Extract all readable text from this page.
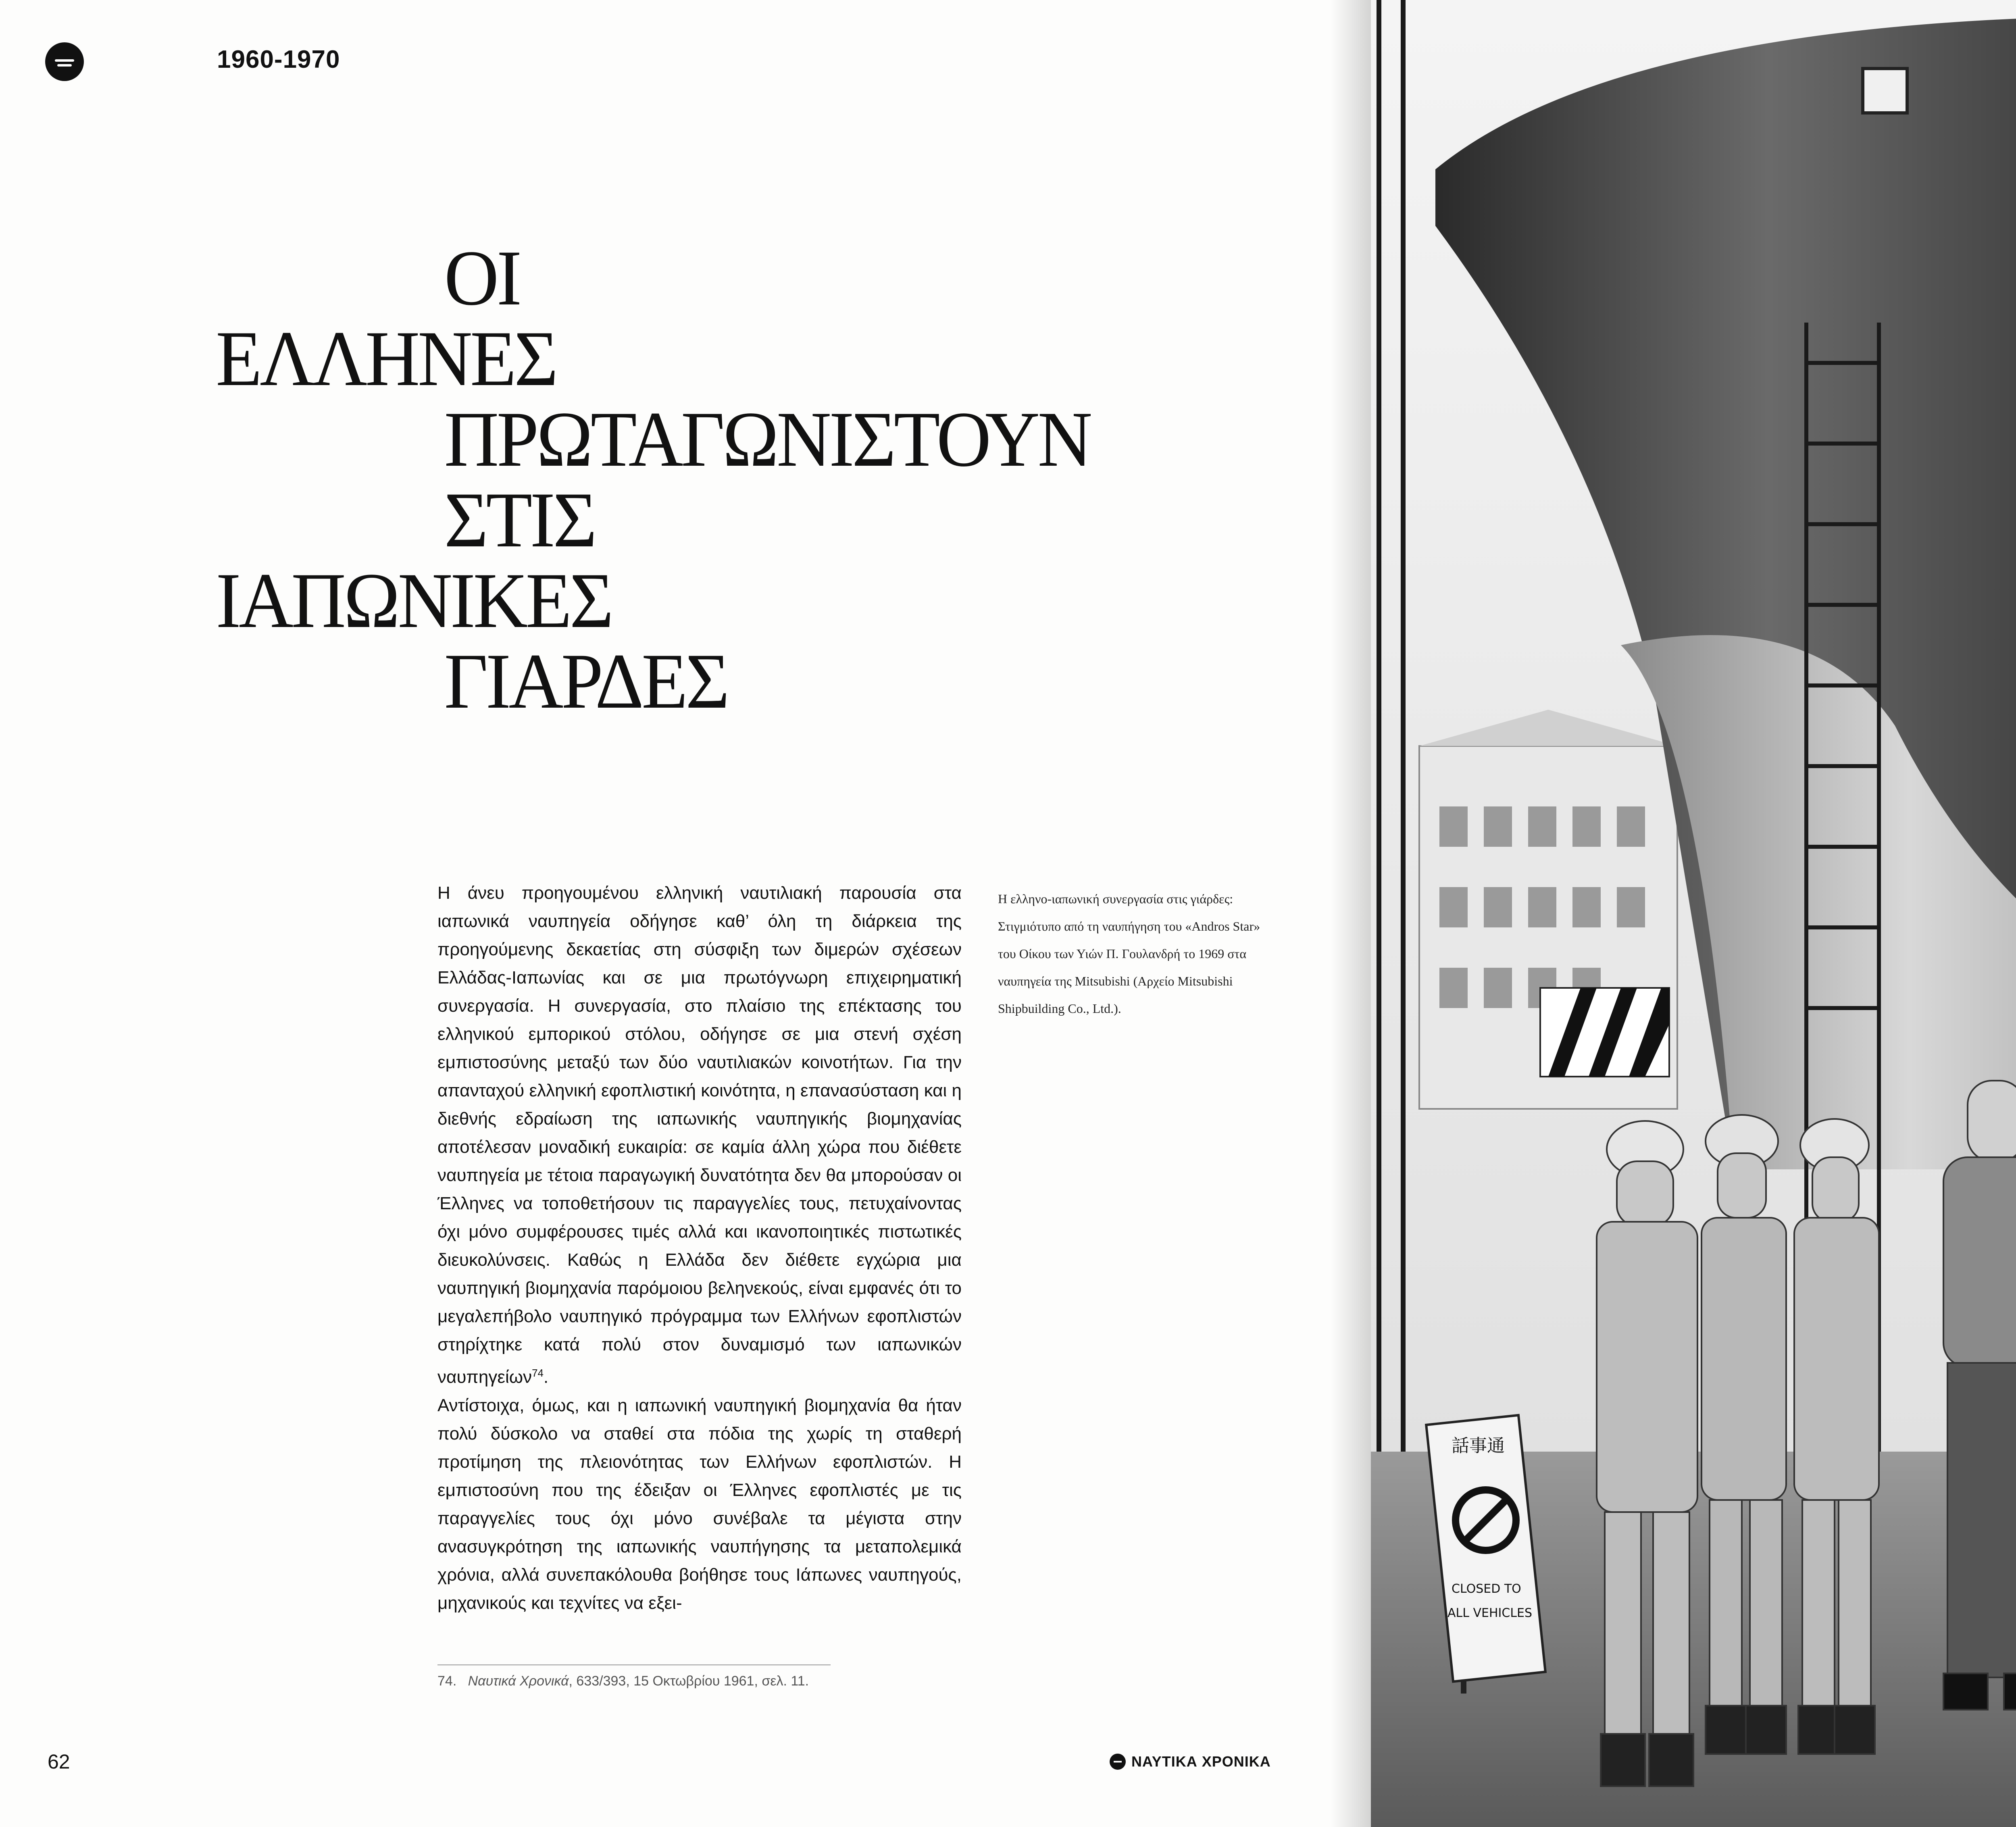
1960-1970
ΟΙ
ΕΛΛΗΝΕΣ
ΠΡΩΤΑΓΩΝΙΣΤΟΥΝ
ΣΤΙΣ
ΙΑΠΩΝΙΚΕΣ
ΓΙΑΡΔΕΣ

Η άνευ προηγουμένου ελληνική ναυτιλιακή παρουσία στα ιαπωνικά ναυπηγεία οδήγησε καθ’ όλη τη διάρκεια της προηγούμενης δεκαετίας στη σύσφιξη των διμερών σχέσεων Ελλάδας-Ιαπωνίας και σε μια πρωτόγνωρη επιχειρηματική συνεργασία. Η συνεργασία, στο πλαίσιο της επέκτασης του ελληνικού εμπορικού στόλου, οδήγησε σε μια στενή σχέση εμπιστοσύνης μεταξύ των δύο ναυτιλιακών κοινοτήτων. Για την απανταχού ελληνική εφοπλιστική κοινότητα, η επανασύσταση και η διεθνής εδραίωση της ιαπωνικής ναυπηγικής βιομηχανίας αποτέλεσαν μοναδική ευκαιρία: σε καμία άλλη χώρα που διέθετε ναυπηγεία με τέτοια παραγωγική δυνατότητα δεν θα μπορούσαν οι Έλληνες να τοποθετήσουν τις παραγγελίες τους, πετυχαίνοντας όχι μόνο συμφέρουσες τιμές αλλά και ικανοποιητικές πιστωτικές διευκολύνσεις. Καθώς η Ελλάδα δεν διέθετε εγχώρια μια ναυπηγική βιομηχανία παρόμοιου βεληνεκούς, είναι εμφανές ότι το μεγαλεπήβολο ναυπηγικό πρόγραμμα των Ελλήνων εφοπλιστών στηρίχτηκε κατά πολύ στον δυναμισμό των ιαπωνικών ναυπηγείων$^{74}$.

Αντίστοιχα, όμως, και η ιαπωνική ναυπηγική βιομηχανία θα ήταν πολύ δύσκολο να σταθεί στα πόδια της χωρίς τη σταθερή προτίμηση της πλειονότητας των Ελλήνων εφοπλιστών. Η εμπιστοσύνη που της έδειξαν οι Έλληνες εφοπλιστές με τις παραγγελίες τους όχι μόνο συνέβαλε τα μέγιστα στην ανασυγκρότηση της ιαπωνικής ναυπήγησης τα μεταπολεμικά χρόνια, αλλά συνεπακόλουθα βοήθησε τους Ιάπωνες ναυπηγούς, μηχανικούς και τεχνίτες να εξει-

Η ελληνο-ιαπωνική συνεργασία στις γιάρδες: Στιγμιότυπο από τη ναυπήγηση του «Andros Star» του Οίκου των Υιών Π. Γουλανδρή το 1969 στα ναυπηγεία της Mitsubishi (Αρχείο Mitsubishi Shipbuilding Co., Ltd.).
74. Ναυτικά Χρονικά, 633/393, 15 Οκτωβρίου 1961, σελ. 11.
62	ΝΑΥΤΙΚΑ ΧΡΟΝΙΚΑ
話事通
CLOSED TO
ALL VEHICLES
